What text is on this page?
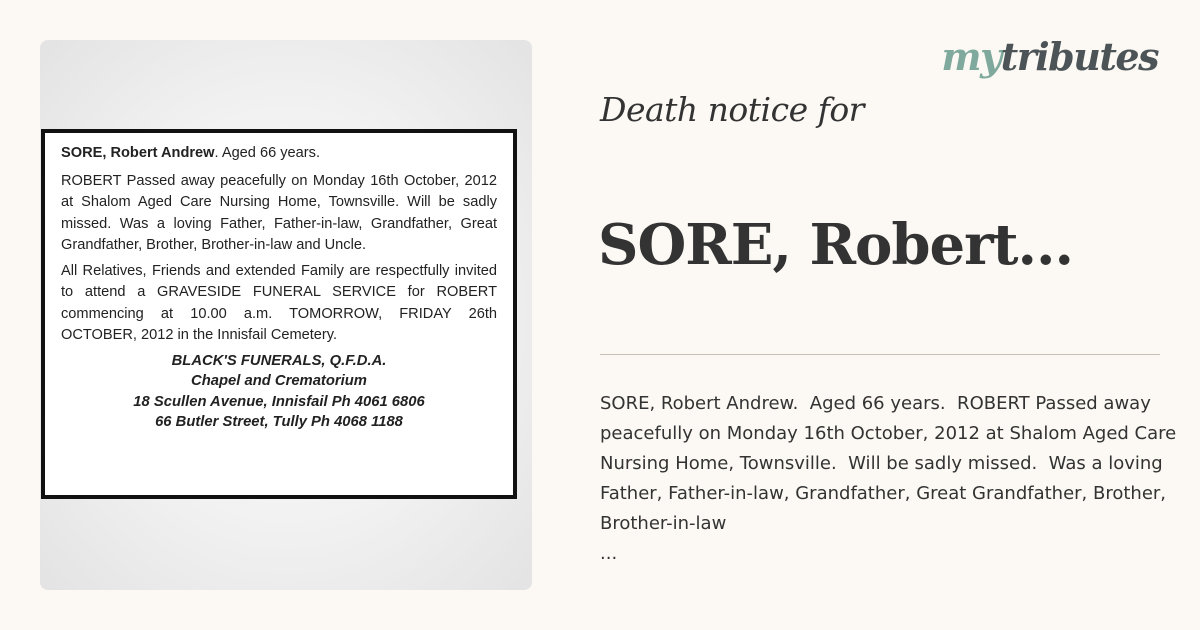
SORE, Robert Andrew. Aged 66 years.

ROBERT Passed away peacefully on Monday 16th October, 2012 at Shalom Aged Care Nursing Home, Townsville. Will be sadly missed. Was a loving Father, Father-in-law, Grandfather, Great Grandfather, Brother, Brother-in-law and Uncle.

All Relatives, Friends and extended Family are respectfully invited to attend a GRAVESIDE FUNERAL SERVICE for ROBERT commencing at 10.00 a.m. TOMORROW, FRIDAY 26th OCTOBER, 2012 in the Innisfail Cemetery.

BLACK'S FUNERALS, Q.F.D.A.
Chapel and Crematorium
18 Scullen Avenue, Innisfail Ph 4061 6806
66 Butler Street, Tully Ph 4068 1188
mytributes
Death notice for
SORE, Robert...
SORE, Robert Andrew.  Aged 66 years.  ROBERT Passed away peacefully on Monday 16th October, 2012 at Shalom Aged Care Nursing Home, Townsville.  Will be sadly missed.  Was a loving Father, Father-in-law, Grandfather, Great Grandfather, Brother, Brother-in-law
...
